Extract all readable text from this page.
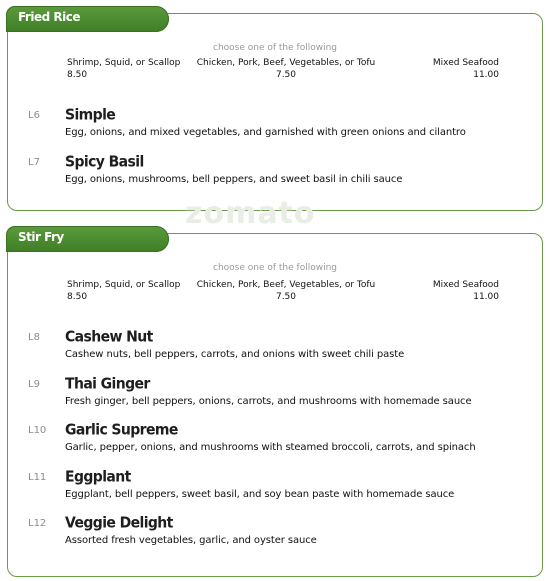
Fried Rice
choose one of the following
Shrimp, Squid, or Scallop
8.50
Chicken, Pork, Beef, Vegetables, or Tofu
7.50
Mixed Seafood
11.00
L6 Simple
Egg, onions, and mixed vegetables, and garnished with green onions and cilantro
L7 Spicy Basil
Egg, onions, mushrooms, bell peppers, and sweet basil in chili sauce
zomato
Stir Fry
choose one of the following
Shrimp, Squid, or Scallop
8.50
Chicken, Pork, Beef, Vegetables, or Tofu
7.50
Mixed Seafood
11.00
L8 Cashew Nut
Cashew nuts, bell peppers, carrots, and onions with sweet chili paste
L9 Thai Ginger
Fresh ginger, bell peppers, onions, carrots, and mushrooms with homemade sauce
L10 Garlic Supreme
Garlic, pepper, onions, and mushrooms with steamed broccoli, carrots, and spinach
L11 Eggplant
Eggplant, bell peppers, sweet basil, and soy bean paste with homemade sauce
L12 Veggie Delight
Assorted fresh vegetables, garlic, and oyster sauce
